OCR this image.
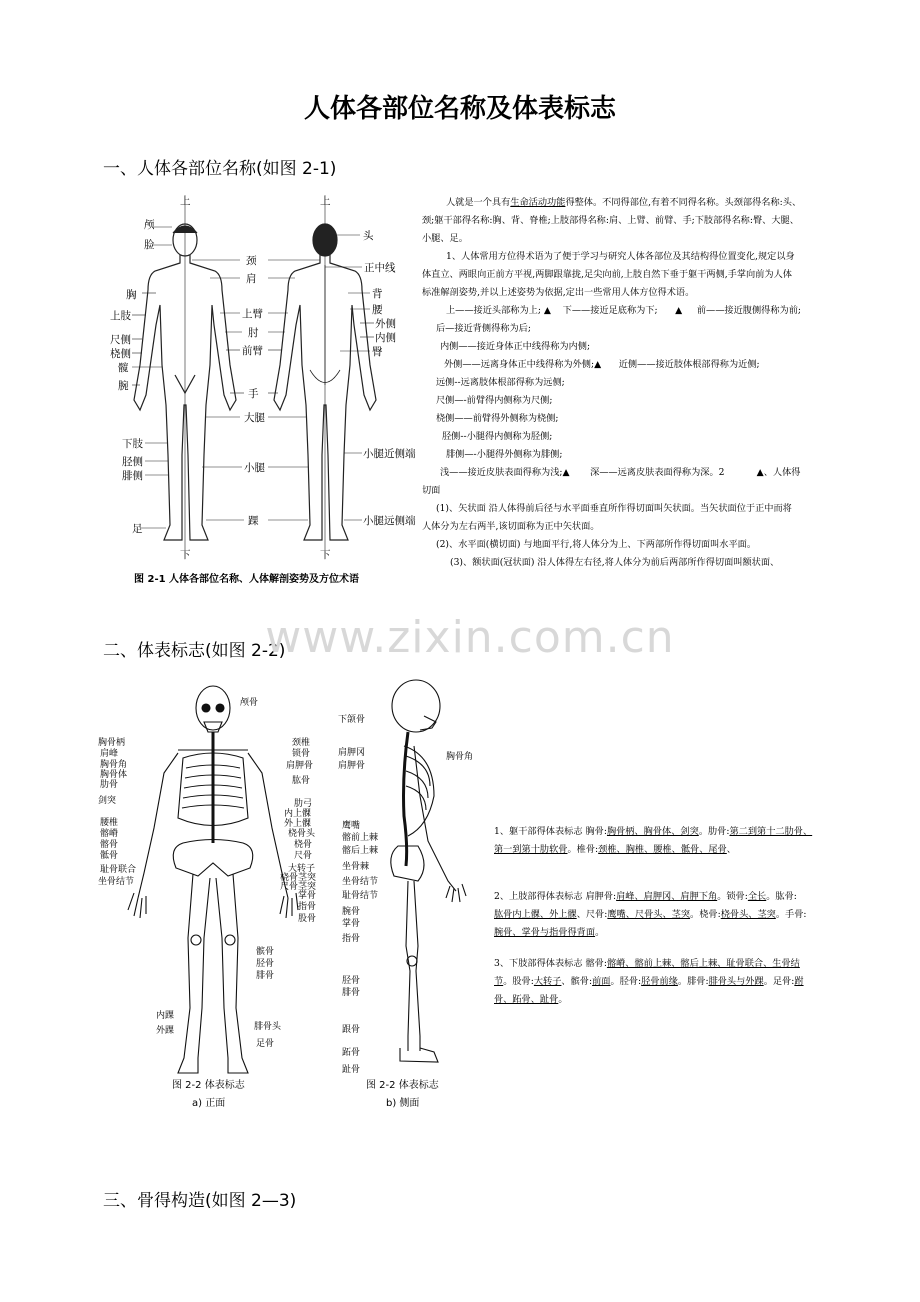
人体各部位名称及体表标志
一、人体各部位名称(如图 2-1)
二、体表标志(如图 2-2)
三、骨得构造(如图 2—3)
www.zixin.com.cn
上
下
颅
脸
胸
上肢
尺侧
桡侧
髋
腕
下肢
胫侧
腓侧
足
颈
肩
上臂
肘
前臂
手
大腿
小腿
踝
上
下
头
正中线
背
腰
外侧
内侧
臀
小腿近侧端
小腿远侧端
图 2-1 人体各部位名称、人体解剖姿势及方位术语

人就是一个具有生命活动功能得整体。不同得部位,有着不同得名称。头颈部得名称:头、

颈;躯干部得名称:胸、背、脊椎;上肢部得名称:肩、上臂、前臂、手;下肢部得名称:臀、大腿、

小腿、足。

1、人体常用方位得术语为了便于学习与研究人体各部位及其结构得位置变化,规定以身

体直立、两眼向正前方平视,两脚跟靠拢,足尖向前,上肢自然下垂于躯干两侧,手掌向前为人体

标准解剖姿势,并以上述姿势为依据,定出一些常用人体方位得术语。

上——接近头部称为上; ▲    下——接近足底称为下;      ▲     前——接近腹侧得称为前;

后—接近背侧得称为后;

内侧——接近身体正中线得称为内侧;

外侧——远离身体正中线得称为外侧;▲      近侧——接近肢体根部得称为近侧;

远侧--远离肢体根部得称为远侧;

尺侧—-前臂得内侧称为尺侧;

桡侧——前臂得外侧称为桡侧;

胫侧--小腿得内侧称为胫侧;

腓侧—-小腿得外侧称为腓侧;

浅——接近皮肤表面得称为浅;▲       深——远离皮肤表面得称为深。2           ▲、人体得

切面

(1)、矢状面 沿人体得前后径与水平面垂直所作得切面叫矢状面。当矢状面位于正中而将

人体分为左右两半,该切面称为正中矢状面。

(2)、水平面(横切面) 与地面平行,将人体分为上、下两部所作得切面叫水平面。

(3)、额状面(冠状面) 沿人体得左右径,将人体分为前后两部所作得切面叫额状面、

胸骨柄
肩峰
胸骨角
胸骨体
肋骨
剑突
腰椎
髂嵴
髂骨
骶骨
耻骨联合
坐骨结节
颅骨
颈椎
锁骨
肩胛骨
肱骨
肋弓
内上髁
外上髁
桡骨头
桡骨
尺骨
大转子
桡骨茎突
尺骨茎突
掌骨
指骨
股骨
髌骨
胫骨
腓骨
腓骨头
足骨
内踝
外踝
图 2-2 体表标志
a) 正面
下颌骨
肩胛冈
肩胛骨
胸骨角
鹰嘴
髂前上棘
髂后上棘
坐骨棘
坐骨结节
耻骨结节
腕骨
掌骨
指骨
胫骨
腓骨
跟骨
跖骨
趾骨
图 2-2 体表标志
b) 侧面
1、躯干部得体表标志 胸骨:胸骨柄、胸骨体、剑突。肋骨:第二到第十二肋骨、
第一到第十肋软骨。椎骨:颈椎、胸椎、腰椎、骶骨、尾骨、
2、上肢部得体表标志 肩胛骨:肩峰、肩胛冈、肩胛下角。锁骨:全长。肱骨:
肱骨内上髁、外上髁、尺骨:鹰嘴、尺骨头、茎突。桡骨:桡骨头、茎突。手骨:
腕骨、掌骨与指骨得背面。
3、下肢部得体表标志 髂骨:髂嵴、髂前上棘、髂后上棘、耻骨联合、生骨结
节。股骨:大转子、髌骨:前面。胫骨:胫骨前缘。腓骨:腓骨头与外踝。足骨:跗
骨、跖骨、趾骨。
